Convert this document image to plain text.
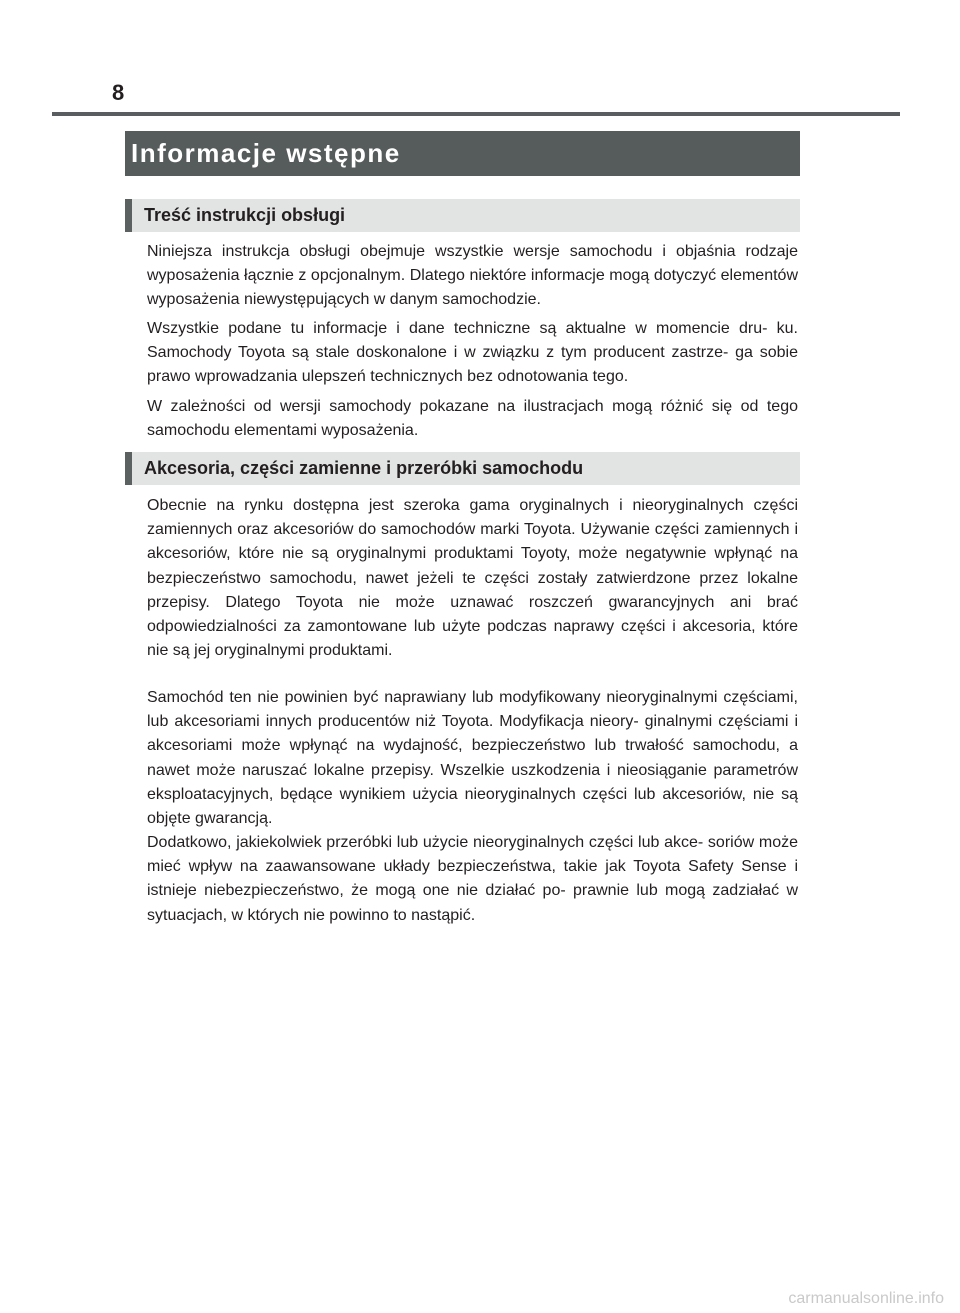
8
Informacje wstępne
Treść instrukcji obsługi

Niniejsza instrukcja obsługi obejmuje wszystkie wersje samochodu i objaśnia rodzaje wyposażenia łącznie z opcjonalnym. Dlatego niektóre informacje mogą dotyczyć elementów wyposażenia niewystępujących w danym samochodzie.

Wszystkie podane tu informacje i dane techniczne są aktualne w momencie dru- ku. Samochody Toyota są stale doskonalone i w związku z tym producent zastrze- ga sobie prawo wprowadzania ulepszeń technicznych bez odnotowania tego.

W zależności od wersji samochody pokazane na ilustracjach mogą różnić się od tego samochodu elementami wyposażenia.

Akcesoria, części zamienne i przeróbki samochodu

Obecnie na rynku dostępna jest szeroka gama oryginalnych i nieoryginalnych części zamiennych oraz akcesoriów do samochodów marki Toyota. Używanie części zamiennych i akcesoriów, które nie są oryginalnymi produktami Toyoty, może negatywnie wpłynąć na bezpieczeństwo samochodu, nawet jeżeli te części zostały zatwierdzone przez lokalne przepisy. Dlatego Toyota nie może uznawać roszczeń gwarancyjnych ani brać odpowiedzialności za zamontowane lub użyte podczas naprawy części i akcesoria, które nie są jej oryginalnymi produktami.

Samochód ten nie powinien być naprawiany lub modyfikowany nieoryginalnymi częściami, lub akcesoriami innych producentów niż Toyota. Modyfikacja nieory- ginalnymi częściami i akcesoriami może wpłynąć na wydajność, bezpieczeństwo lub trwałość samochodu, a nawet może naruszać lokalne przepisy. Wszelkie uszkodzenia i nieosiąganie parametrów eksploatacyjnych, będące wynikiem użycia nieoryginalnych części lub akcesoriów, nie są objęte gwarancją.

Dodatkowo, jakiekolwiek przeróbki lub użycie nieoryginalnych części lub akce- soriów może mieć wpływ na zaawansowane układy bezpieczeństwa, takie jak Toyota Safety Sense i istnieje niebezpieczeństwo, że mogą one nie działać po- prawnie lub mogą zadziałać w sytuacjach, w których nie powinno to nastąpić.

carmanualsonline.info
